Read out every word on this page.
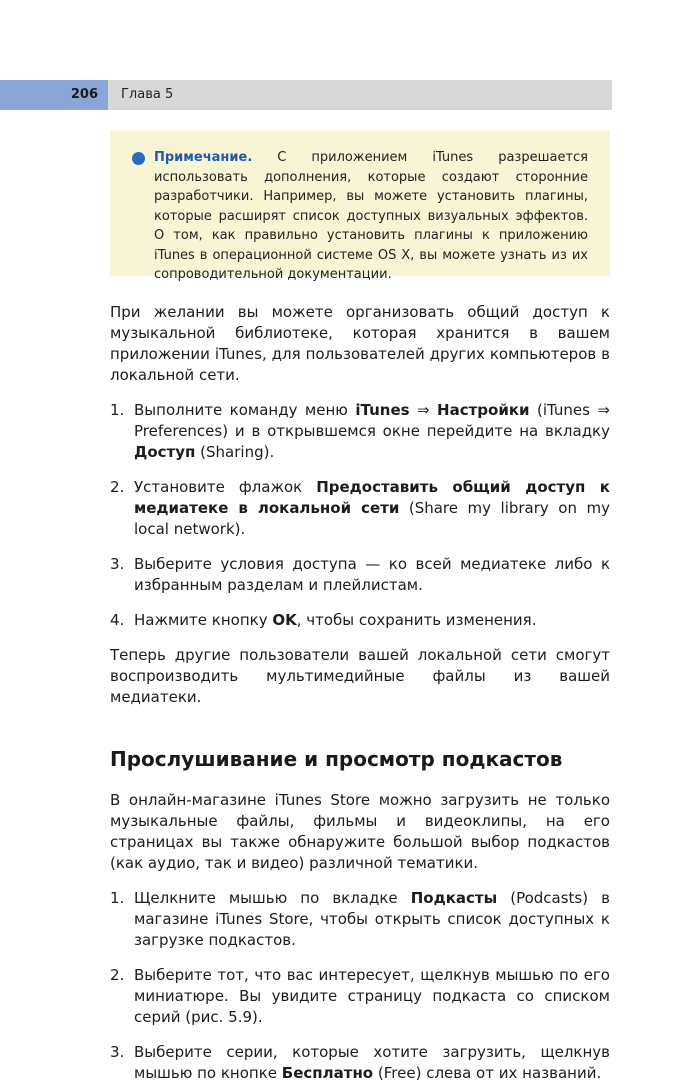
206	Глава 5
Примечание. С приложением iTunes разрешается использовать дополнения, которые создают сторонние разработчики. Например, вы можете установить плагины, которые расширят список доступных визуальных эффектов. О том, как правильно установить плагины к приложению iTunes в операционной системе OS X, вы можете узнать из их сопроводительной документации.

При желании вы можете организовать общий доступ к музыкальной библиотеке, которая хранится в вашем приложении iTunes, для пользователей других компьютеров в локальной сети.

1. Выполните команду меню iTunes ⇒ Настройки (iTunes ⇒ Preferences) и в открывшемся окне перейдите на вкладку Доступ (Sharing).
2. Установите флажок Предоставить общий доступ к медиатеке в локальной сети (Share my library on my local network).
3. Выберите условия доступа — ко всей медиатеке либо к избранным разделам и плейлистам.
4. Нажмите кнопку OK, чтобы сохранить изменения.

Теперь другие пользователи вашей локальной сети смогут воспроизводить мультимедийные файлы из вашей медиатеки.

Прослушивание и просмотр подкастов

В онлайн-магазине iTunes Store можно загрузить не только музыкальные файлы, фильмы и видеоклипы, на его страницах вы также обнаружите большой выбор подкастов (как аудио, так и видео) различной тематики.

1. Щелкните мышью по вкладке Подкасты (Podcasts) в магазине iTunes Store, чтобы открыть список доступных к загрузке подкастов.
2. Выберите тот, что вас интересует, щелкнув мышью по его миниатюре. Вы увидите страницу подкаста со списком серий (рис. 5.9).
3. Выберите серии, которые хотите загрузить, щелкнув мышью по кнопке Бесплатно (Free) слева от их названий.
